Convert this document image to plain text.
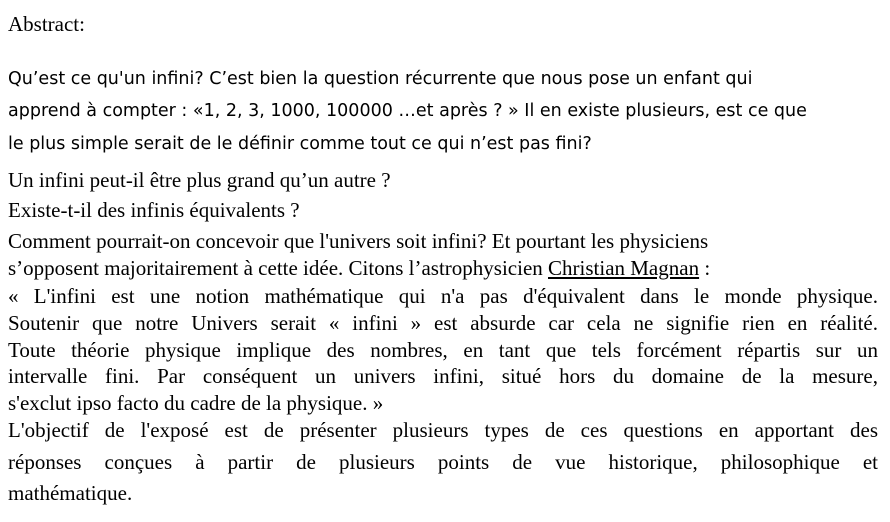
Abstract:
Qu’est ce qu'un infini? C’est bien la question récurrente que nous pose un enfant qui
apprend à compter : «1, 2, 3, 1000, 100000 …et après ? » Il en existe plusieurs, est ce que
le plus simple serait de le définir comme tout ce qui n’est pas fini?
Un infini peut-il être plus grand qu’un autre ?
Existe-t-il des infinis équivalents ?
Comment pourrait-on concevoir que l'univers soit infini? Et pourtant les physiciens
s’opposent majoritairement à cette idée. Citons l’astrophysicien Christian Magnan :
« L'infini est une notion mathématique qui n'a pas d'équivalent dans le monde physique.
Soutenir que notre Univers serait « infini » est absurde car cela ne signifie rien en réalité.
Toute théorie physique implique des nombres, en tant que tels forcément répartis sur un
intervalle fini. Par conséquent un univers infini, situé hors du domaine de la mesure,
s'exclut ipso facto du cadre de la physique. »
L'objectif de l'exposé est de présenter plusieurs types de ces questions en apportant des
réponses conçues à partir de plusieurs points de vue historique, philosophique et
mathématique.
